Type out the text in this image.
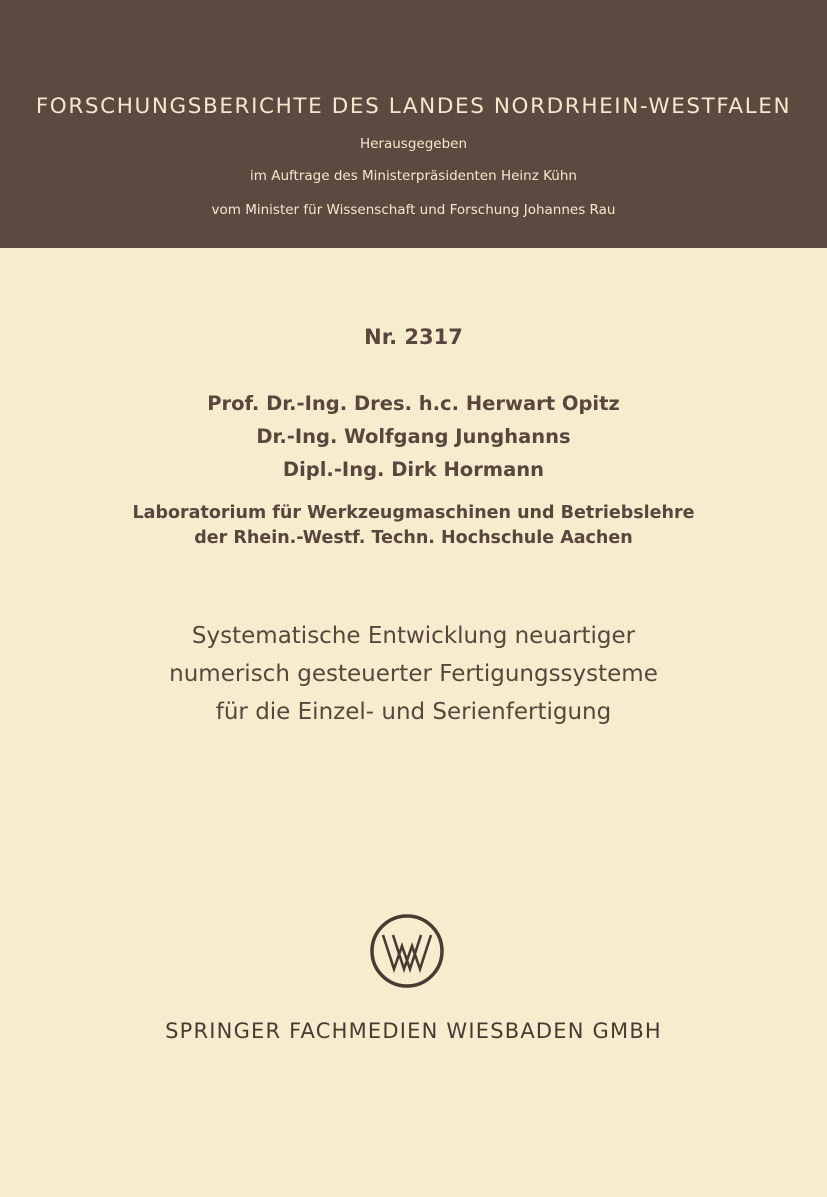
FORSCHUNGSBERICHTE DES LANDES NORDRHEIN-WESTFALEN
Herausgegeben
im Auftrage des Ministerpräsidenten Heinz Kühn
vom Minister für Wissenschaft und Forschung Johannes Rau
Nr. 2317
Prof. Dr.-Ing. Dres. h.c. Herwart Opitz
Dr.-Ing. Wolfgang Junghanns
Dipl.-Ing. Dirk Hormann
Laboratorium für Werkzeugmaschinen und Betriebslehre
der Rhein.-Westf. Techn. Hochschule Aachen
Systematische Entwicklung neuartiger
numerisch gesteuerter Fertigungssysteme
für die Einzel- und Serienfertigung
SPRINGER FACHMEDIEN WIESBADEN GMBH
